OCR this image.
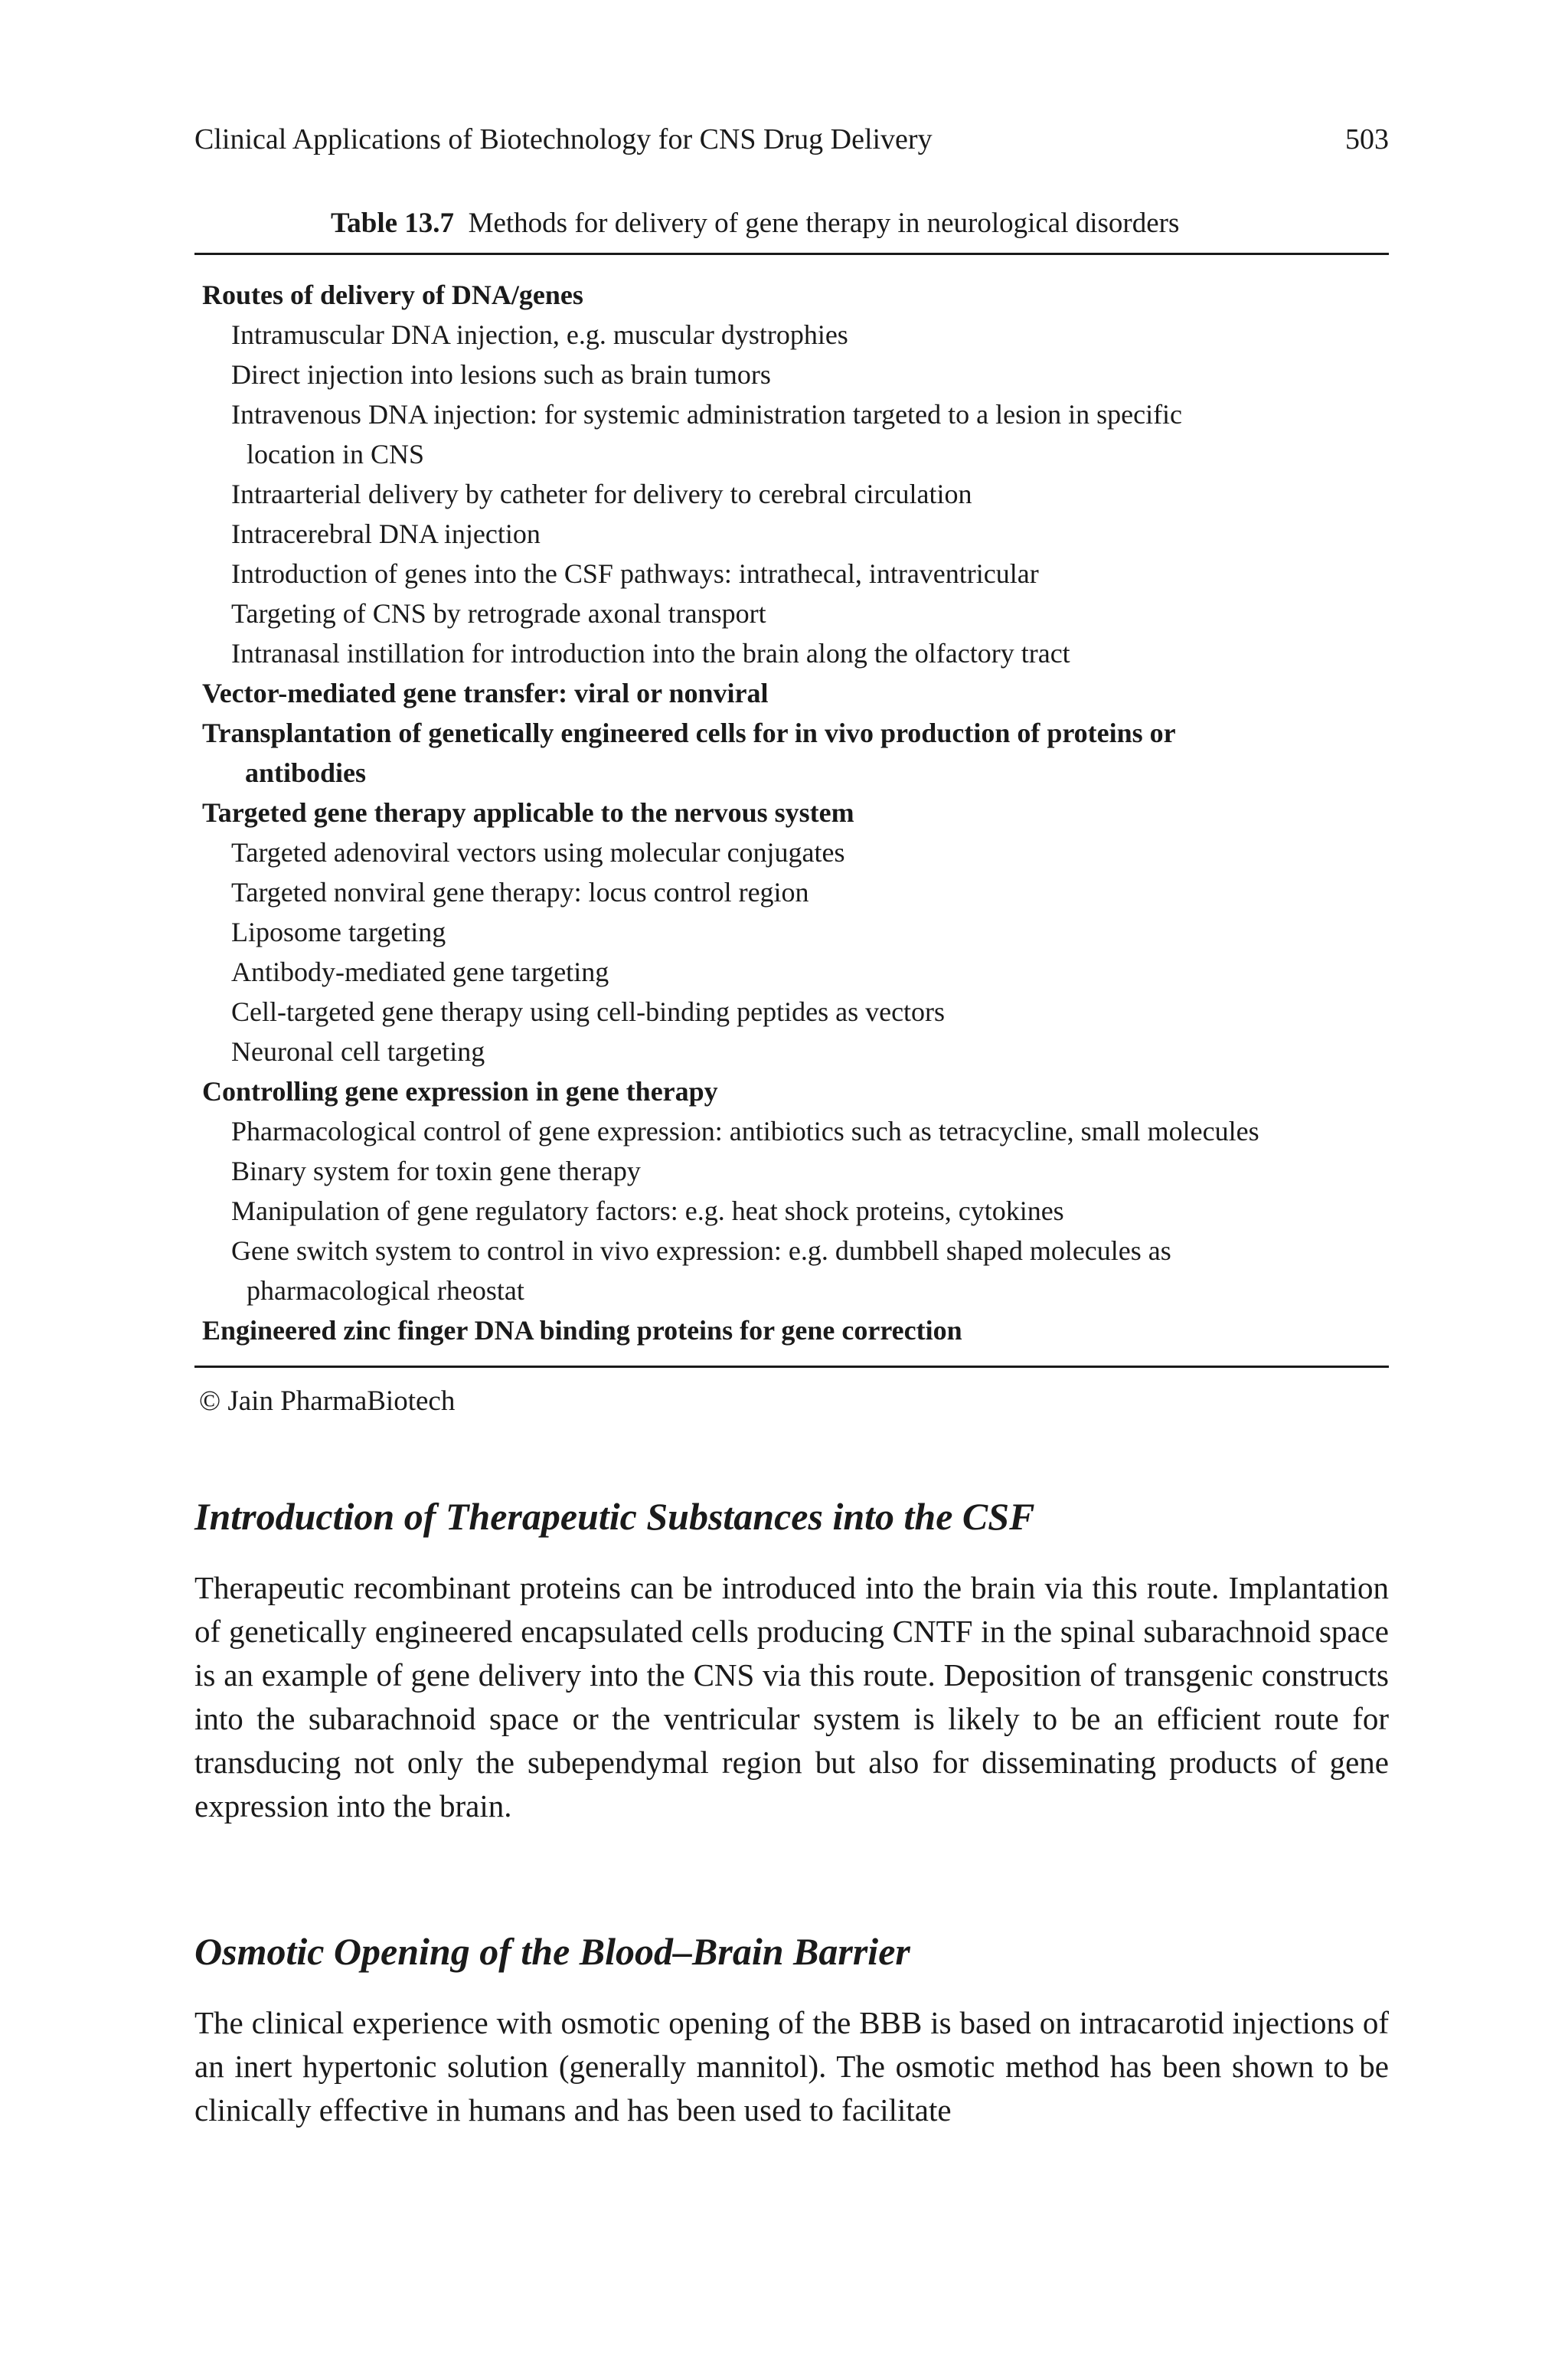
Clinical Applications of Biotechnology for CNS Drug Delivery	503
Table 13.7 Methods for delivery of gene therapy in neurological disorders
Routes of delivery of DNA/genes
Intramuscular DNA injection, e.g. muscular dystrophies
Direct injection into lesions such as brain tumors
Intravenous DNA injection: for systemic administration targeted to a lesion in specific
location in CNS
Intraarterial delivery by catheter for delivery to cerebral circulation
Intracerebral DNA injection
Introduction of genes into the CSF pathways: intrathecal, intraventricular
Targeting of CNS by retrograde axonal transport
Intranasal instillation for introduction into the brain along the olfactory tract
Vector-mediated gene transfer: viral or nonviral
Transplantation of genetically engineered cells for in vivo production of proteins or
antibodies
Targeted gene therapy applicable to the nervous system
Targeted adenoviral vectors using molecular conjugates
Targeted nonviral gene therapy: locus control region
Liposome targeting
Antibody-mediated gene targeting
Cell-targeted gene therapy using cell-binding peptides as vectors
Neuronal cell targeting
Controlling gene expression in gene therapy
Pharmacological control of gene expression: antibiotics such as tetracycline, small molecules
Binary system for toxin gene therapy
Manipulation of gene regulatory factors: e.g. heat shock proteins, cytokines
Gene switch system to control in vivo expression: e.g. dumbbell shaped molecules as
pharmacological rheostat
Engineered zinc finger DNA binding proteins for gene correction
© Jain PharmaBiotech
Introduction of Therapeutic Substances into the CSF

Therapeutic recombinant proteins can be introduced into the brain via this route. Implantation of genetically engineered encapsulated cells producing CNTF in the spinal subarachnoid space is an example of gene delivery into the CNS via this route. Deposition of transgenic constructs into the subarachnoid space or the ventricular system is likely to be an efficient route for transducing not only the subependymal region but also for disseminating products of gene expression into the brain.

Osmotic Opening of the Blood–Brain Barrier

The clinical experience with osmotic opening of the BBB is based on intracarotid injections of an inert hypertonic solution (generally mannitol). The osmotic method has been shown to be clinically effective in humans and has been used to facilitate
